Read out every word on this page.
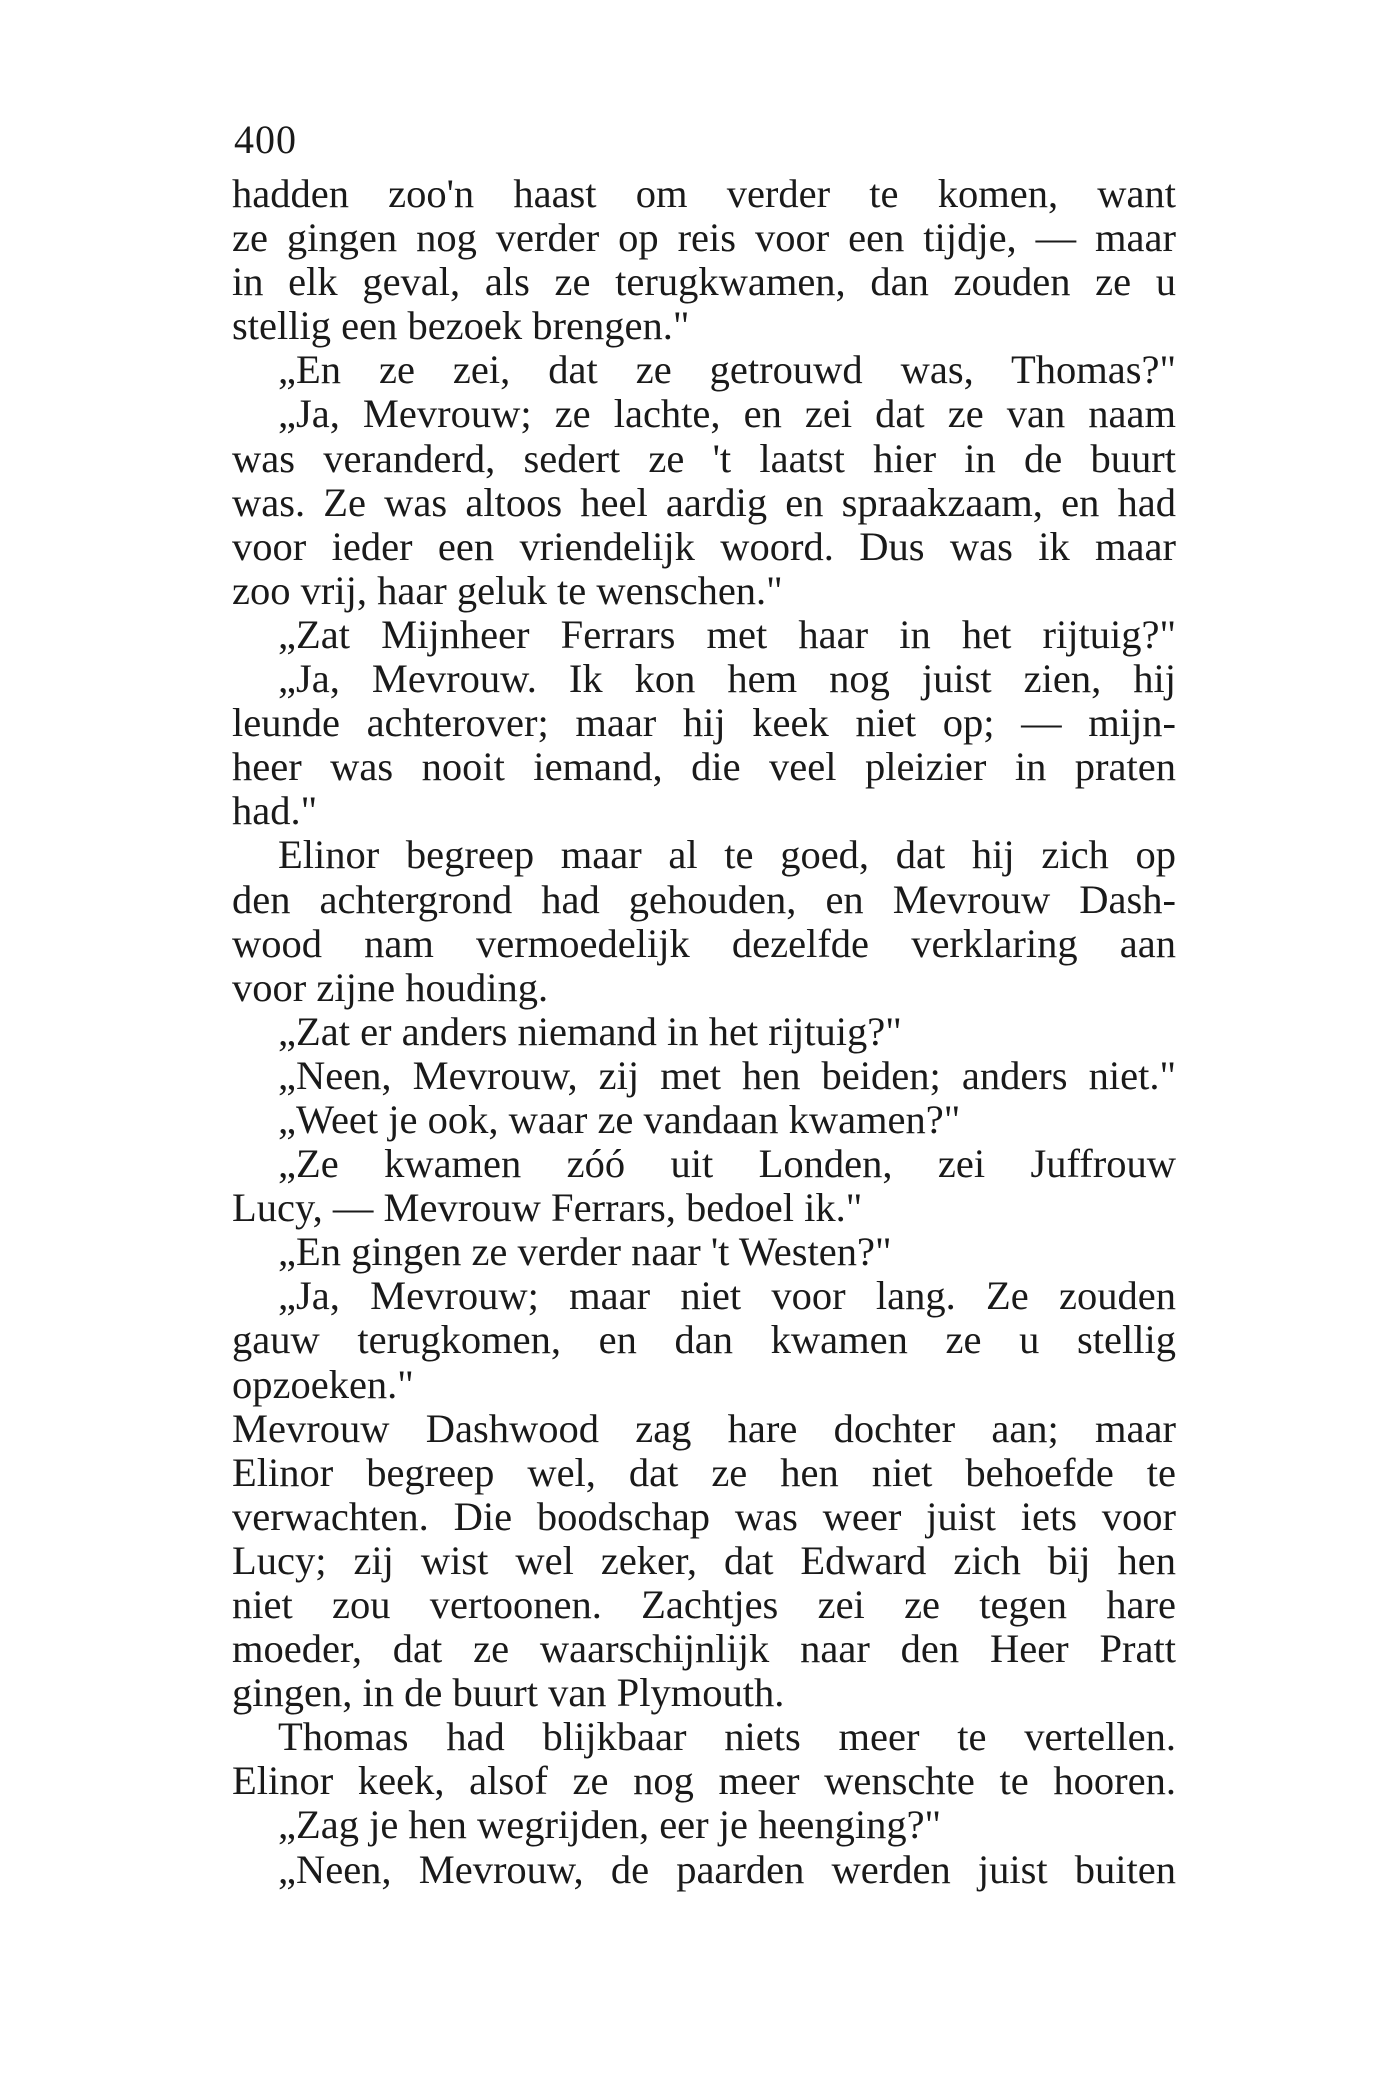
400
hadden zoo'n haast om verder te komen, want
ze gingen nog verder op reis voor een tijdje, — maar
in elk geval, als ze terugkwamen, dan zouden ze u
stellig een bezoek brengen."
„En ze zei, dat ze getrouwd was, Thomas?"
„Ja, Mevrouw; ze lachte, en zei dat ze van naam
was veranderd, sedert ze 't laatst hier in de buurt
was. Ze was altoos heel aardig en spraakzaam, en had
voor ieder een vriendelijk woord. Dus was ik maar
zoo vrij, haar geluk te wenschen."
„Zat Mijnheer Ferrars met haar in het rijtuig?"
„Ja, Mevrouw. Ik kon hem nog juist zien, hij
leunde achterover; maar hij keek niet op; — mijn-
heer was nooit iemand, die veel pleizier in praten
had."
Elinor begreep maar al te goed, dat hij zich op
den achtergrond had gehouden, en Mevrouw Dash-
wood nam vermoedelijk dezelfde verklaring aan
voor zijne houding.
„Zat er anders niemand in het rijtuig?"
„Neen, Mevrouw, zij met hen beiden; anders niet."
„Weet je ook, waar ze vandaan kwamen?"
„Ze kwamen zóó uit Londen, zei Juffrouw
Lucy, — Mevrouw Ferrars, bedoel ik."
„En gingen ze verder naar 't Westen?"
„Ja, Mevrouw; maar niet voor lang. Ze zouden
gauw terugkomen, en dan kwamen ze u stellig
opzoeken."
Mevrouw Dashwood zag hare dochter aan; maar
Elinor begreep wel, dat ze hen niet behoefde te
verwachten. Die boodschap was weer juist iets voor
Lucy; zij wist wel zeker, dat Edward zich bij hen
niet zou vertoonen. Zachtjes zei ze tegen hare
moeder, dat ze waarschijnlijk naar den Heer Pratt
gingen, in de buurt van Plymouth.
Thomas had blijkbaar niets meer te vertellen.
Elinor keek, alsof ze nog meer wenschte te hooren.
„Zag je hen wegrijden, eer je heenging?"
„Neen, Mevrouw, de paarden werden juist buiten
